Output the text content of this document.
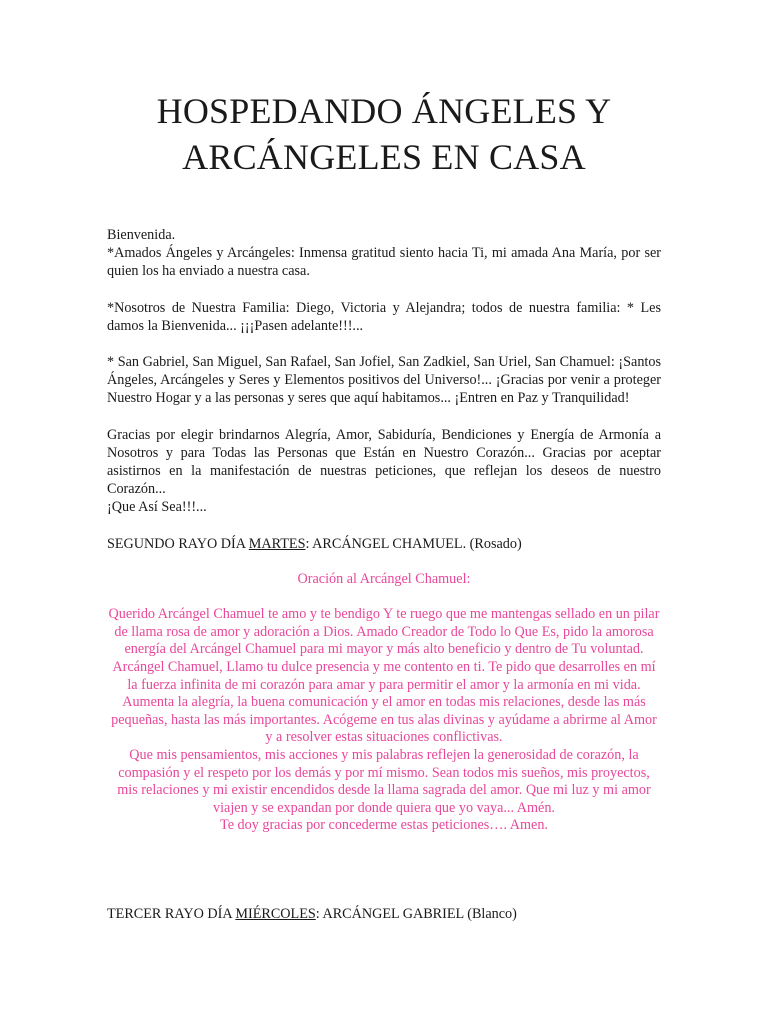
HOSPEDANDO ÁNGELES Y
ARCÁNGELES EN CASA

Bienvenida.

*Amados Ángeles y Arcángeles: Inmensa gratitud siento hacia Ti, mi amada Ana María, por ser quien los ha enviado a nuestra casa.

*Nosotros de Nuestra Familia: Diego, Victoria y Alejandra; todos de nuestra familia: * Les damos la Bienvenida... ¡¡¡Pasen adelante!!!...

* San Gabriel, San Miguel, San Rafael, San Jofiel, San Zadkiel, San Uriel, San Chamuel: ¡Santos Ángeles, Arcángeles y Seres y Elementos positivos del Universo!... ¡Gracias por venir a proteger Nuestro Hogar y a las personas y seres que aquí habitamos... ¡Entren en Paz y Tranquilidad!

Gracias por elegir brindarnos Alegría, Amor, Sabiduría, Bendiciones y Energía de Armonía a Nosotros y para Todas las Personas que Están en Nuestro Corazón... Gracias por aceptar asistirnos en la manifestación de nuestras peticiones, que reflejan los deseos de nuestro Corazón...

¡Que Así Sea!!!...

SEGUNDO RAYO DÍA MARTES: ARCÁNGEL CHAMUEL. (Rosado)
Oración al Arcángel Chamuel:

Querido Arcángel Chamuel te amo y te bendigo Y te ruego que me mantengas sellado en un pilar de llama rosa de amor y adoración a Dios. Amado Creador de Todo lo Que Es, pido la amorosa energía del Arcángel Chamuel para mi mayor y más alto beneficio y dentro de Tu voluntad. Arcángel Chamuel, Llamo tu dulce presencia y me contento en ti. Te pido que desarrolles en mí la fuerza infinita de mi corazón para amar y para permitir el amor y la armonía en mi vida. Aumenta la alegría, la buena comunicación y el amor en todas mis relaciones, desde las más pequeñas, hasta las más importantes. Acógeme en tus alas divinas y ayúdame a abrirme al Amor y a resolver estas situaciones conflictivas.

Que mis pensamientos, mis acciones y mis palabras reflejen la generosidad de corazón, la compasión y el respeto por los demás y por mí mismo. Sean todos mis sueños, mis proyectos, mis relaciones y mi existir encendidos desde la llama sagrada del amor. Que mi luz y mi amor viajen y se expandan por donde quiera que yo vaya... Amén.

Te doy gracias por concederme estas peticiones…. Amen.

TERCER RAYO DÍA MIÉRCOLES: ARCÁNGEL GABRIEL (Blanco)
